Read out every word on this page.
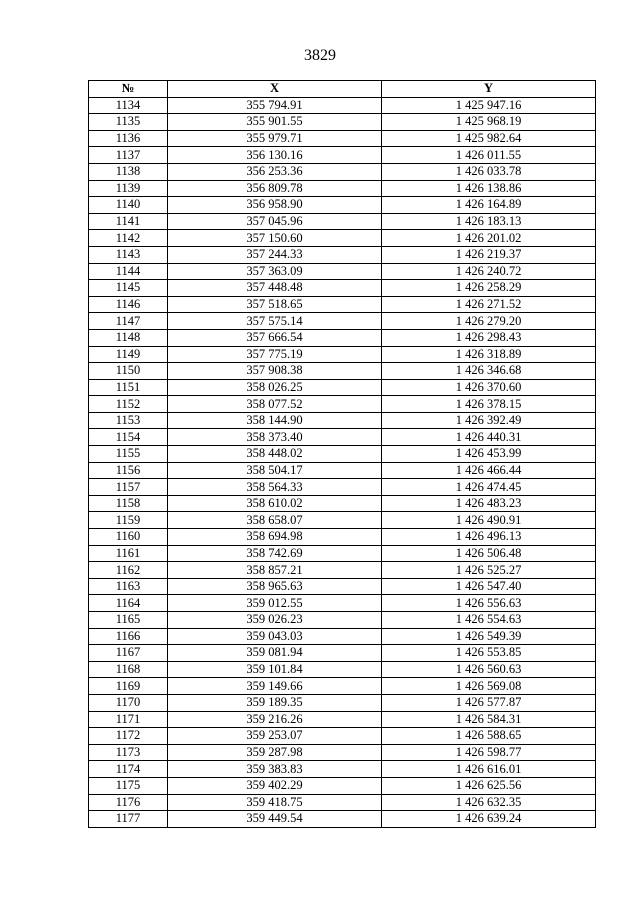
3829
№	X	Y
1134	355 794.91	1 425 947.16
1135	355 901.55	1 425 968.19
1136	355 979.71	1 425 982.64
1137	356 130.16	1 426 011.55
1138	356 253.36	1 426 033.78
1139	356 809.78	1 426 138.86
1140	356 958.90	1 426 164.89
1141	357 045.96	1 426 183.13
1142	357 150.60	1 426 201.02
1143	357 244.33	1 426 219.37
1144	357 363.09	1 426 240.72
1145	357 448.48	1 426 258.29
1146	357 518.65	1 426 271.52
1147	357 575.14	1 426 279.20
1148	357 666.54	1 426 298.43
1149	357 775.19	1 426 318.89
1150	357 908.38	1 426 346.68
1151	358 026.25	1 426 370.60
1152	358 077.52	1 426 378.15
1153	358 144.90	1 426 392.49
1154	358 373.40	1 426 440.31
1155	358 448.02	1 426 453.99
1156	358 504.17	1 426 466.44
1157	358 564.33	1 426 474.45
1158	358 610.02	1 426 483.23
1159	358 658.07	1 426 490.91
1160	358 694.98	1 426 496.13
1161	358 742.69	1 426 506.48
1162	358 857.21	1 426 525.27
1163	358 965.63	1 426 547.40
1164	359 012.55	1 426 556.63
1165	359 026.23	1 426 554.63
1166	359 043.03	1 426 549.39
1167	359 081.94	1 426 553.85
1168	359 101.84	1 426 560.63
1169	359 149.66	1 426 569.08
1170	359 189.35	1 426 577.87
1171	359 216.26	1 426 584.31
1172	359 253.07	1 426 588.65
1173	359 287.98	1 426 598.77
1174	359 383.83	1 426 616.01
1175	359 402.29	1 426 625.56
1176	359 418.75	1 426 632.35
1177	359 449.54	1 426 639.24
